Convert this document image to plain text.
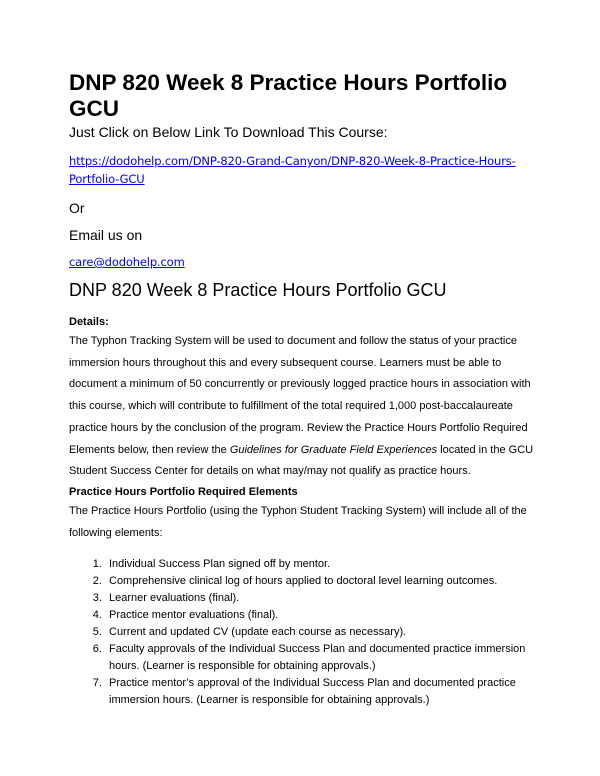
DNP 820 Week 8 Practice Hours Portfolio GCU
Just Click on Below Link To Download This Course:
https://dodohelp.com/DNP-820-Grand-Canyon/DNP-820-Week-8-Practice-Hours-Portfolio-GCU
Or
Email us on
care@dodohelp.com
DNP 820 Week 8 Practice Hours Portfolio GCU
Details:

The Typhon Tracking System will be used to document and follow the status of your practice immersion hours throughout this and every subsequent course. Learners must be able to document a minimum of 50 concurrently or previously logged practice hours in association with this course, which will contribute to fulfillment of the total required 1,000 post-baccalaureate practice hours by the conclusion of the program. Review the Practice Hours Portfolio Required Elements below, then review the Guidelines for Graduate Field Experiences located in the GCU Student Success Center for details on what may/may not qualify as practice hours.

Practice Hours Portfolio Required Elements

The Practice Hours Portfolio (using the Typhon Student Tracking System) will include all of the following elements:

1. Individual Success Plan signed off by mentor.
2. Comprehensive clinical log of hours applied to doctoral level learning outcomes.
3. Learner evaluations (final).
4. Practice mentor evaluations (final).
5. Current and updated CV (update each course as necessary).
6. Faculty approvals of the Individual Success Plan and documented practice immersion hours. (Learner is responsible for obtaining approvals.)
7. Practice mentor’s approval of the Individual Success Plan and documented practice immersion hours. (Learner is responsible for obtaining approvals.)
